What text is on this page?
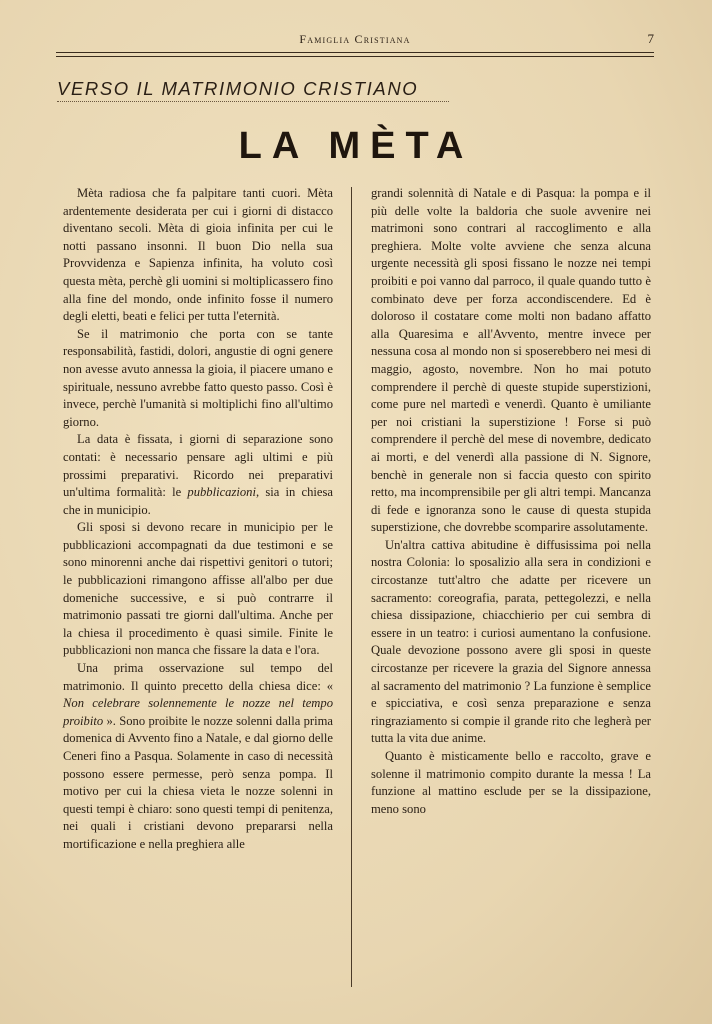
Famiglia Cristiana	7
VERSO IL MATRIMONIO CRISTIANO
LA MÈTA

Mèta radiosa che fa palpitare tanti cuori. Mèta ardentemente desiderata per cui i giorni di distacco diventano secoli. Mèta di gioia infinita per cui le notti passano insonni. Il buon Dio nella sua Provvidenza e Sapienza infinita, ha voluto così questa mèta, perchè gli uomini si moltiplicassero fino alla fine del mondo, onde infinito fosse il numero degli eletti, beati e felici per tutta l'eternità.

Se il matrimonio che porta con se tante responsabilità, fastidi, dolori, angustie di ogni genere non avesse avuto annessa la gioia, il piacere umano e spirituale, nessuno avrebbe fatto questo passo. Così è invece, perchè l'umanità si moltiplichi fino all'ultimo giorno.

La data è fissata, i giorni di separazione sono contati: è necessario pensare agli ultimi e più prossimi preparativi. Ricordo nei preparativi un'ultima formalità: le pubblicazioni, sia in chiesa che in municipio.

Gli sposi si devono recare in municipio per le pubblicazioni accompagnati da due testimoni e se sono minorenni anche dai rispettivi genitori o tutori; le pubblicazioni rimangono affisse all'albo per due domeniche successive, e si può contrarre il matrimonio passati tre giorni dall'ultima. Anche per la chiesa il procedimento è quasi simile. Finite le pubblicazioni non manca che fissare la data e l'ora.

Una prima osservazione sul tempo del matrimonio. Il quinto precetto della chiesa dice: « Non celebrare solennemente le nozze nel tempo proibito ». Sono proibite le nozze solenni dalla prima domenica di Avvento fino a Natale, e dal giorno delle Ceneri fino a Pasqua. Solamente in caso di necessità possono essere permesse, però senza pompa. Il motivo per cui la chiesa vieta le nozze solenni in questi tempi è chiaro: sono questi tempi di penitenza, nei quali i cristiani devono prepararsi nella mortificazione e nella preghiera alle

grandi solennità di Natale e di Pasqua: la pompa e il più delle volte la baldoria che suole avvenire nei matrimoni sono contrari al raccoglimento e alla preghiera. Molte volte avviene che senza alcuna urgente necessità gli sposi fissano le nozze nei tempi proibiti e poi vanno dal parroco, il quale quando tutto è combinato deve per forza accondiscendere. Ed è doloroso il costatare come molti non badano affatto alla Quaresima e all'Avvento, mentre invece per nessuna cosa al mondo non si sposerebbero nei mesi di maggio, agosto, novembre. Non ho mai potuto comprendere il perchè di queste stupide superstizioni, come pure nel martedì e venerdì. Quanto è umiliante per noi cristiani la superstizione ! Forse si può comprendere il perchè del mese di novembre, dedicato ai morti, e del venerdì alla passione di N. Signore, benchè in generale non si faccia questo con spirito retto, ma incomprensibile per gli altri tempi. Mancanza di fede e ignoranza sono le cause di questa stupida superstizione, che dovrebbe scomparire assolutamente.

Un'altra cattiva abitudine è diffusissima poi nella nostra Colonia: lo sposalizio alla sera in condizioni e circostanze tutt'altro che adatte per ricevere un sacramento: coreografia, parata, pettegolezzi, e nella chiesa dissipazione, chiacchierio per cui sembra di essere in un teatro: i curiosi aumentano la confusione. Quale devozione possono avere gli sposi in queste circostanze per ricevere la grazia del Signore annessa al sacramento del matrimonio ? La funzione è semplice e spicciativa, e così senza preparazione e senza ringraziamento si compie il grande rito che legherà per tutta la vita due anime.

Quanto è misticamente bello e raccolto, grave e solenne il matrimonio compito durante la messa ! La funzione al mattino esclude per se la dissipazione, meno sono
